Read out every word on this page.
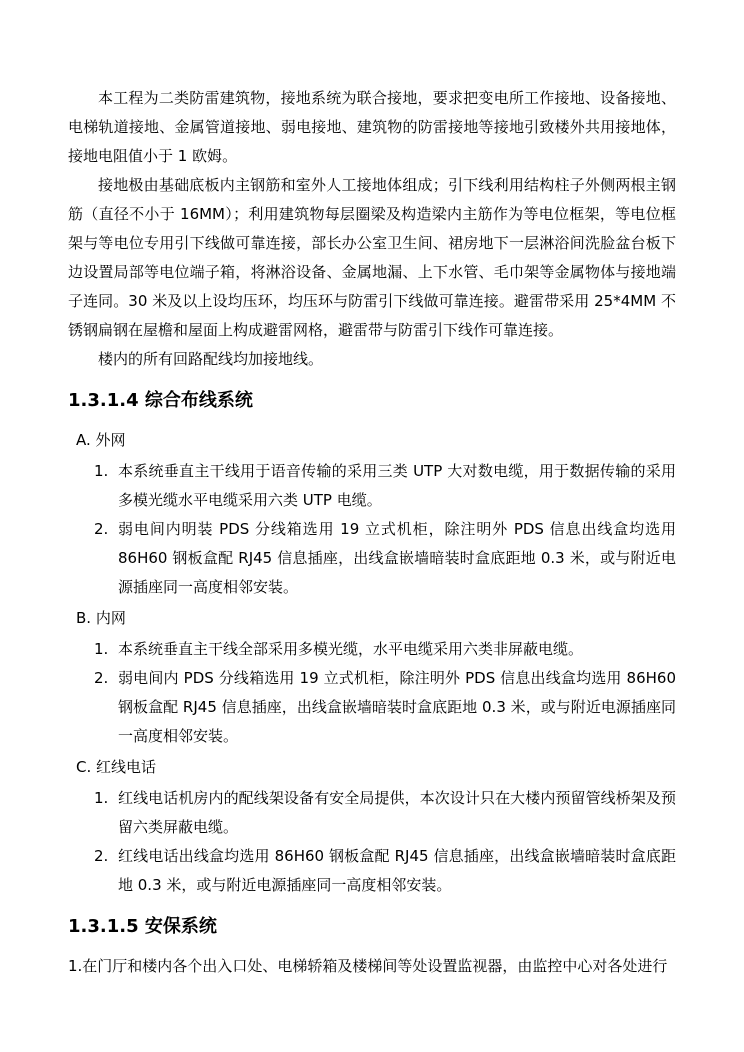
本工程为二类防雷建筑物，接地系统为联合接地，要求把变电所工作接地、设备接地、电梯轨道接地、金属管道接地、弱电接地、建筑物的防雷接地等接地引致楼外共用接地体，接地电阻值小于 1 欧姆。

接地极由基础底板内主钢筋和室外人工接地体组成；引下线利用结构柱子外侧两根主钢筋（直径不小于 16MM）；利用建筑物每层圈梁及构造梁内主筋作为等电位框架，等电位框架与等电位专用引下线做可靠连接，部长办公室卫生间、裙房地下一层淋浴间洗脸盆台板下边设置局部等电位端子箱，将淋浴设备、金属地漏、上下水管、毛巾架等金属物体与接地端子连同。30 米及以上设均压环，均压环与防雷引下线做可靠连接。避雷带采用 25*4MM 不锈钢扁钢在屋檐和屋面上构成避雷网格，避雷带与防雷引下线作可靠连接。

楼内的所有回路配线均加接地线。

1.3.1.4 综合布线系统
A. 外网
1. 本系统垂直主干线用于语音传输的采用三类 UTP 大对数电缆，用于数据传输的采用多模光缆水平电缆采用六类 UTP 电缆。
2. 弱电间内明装 PDS 分线箱选用 19 立式机柜，除注明外 PDS 信息出线盒均选用 86H60 钢板盒配 RJ45 信息插座，出线盒嵌墙暗装时盒底距地 0.3 米，或与附近电源插座同一高度相邻安装。
B. 内网
1. 本系统垂直主干线全部采用多模光缆，水平电缆采用六类非屏蔽电缆。
2. 弱电间内 PDS 分线箱选用 19 立式机柜，除注明外 PDS 信息出线盒均选用 86H60 钢板盒配 RJ45 信息插座，出线盒嵌墙暗装时盒底距地 0.3 米，或与附近电源插座同一高度相邻安装。
C. 红线电话
1. 红线电话机房内的配线架设备有安全局提供，本次设计只在大楼内预留管线桥架及预留六类屏蔽电缆。
2. 红线电话出线盒均选用 86H60 钢板盒配 RJ45 信息插座，出线盒嵌墙暗装时盒底距地 0.3 米，或与附近电源插座同一高度相邻安装。
1.3.1.5 安保系统

1.在门厅和楼内各个出入口处、电梯轿箱及楼梯间等处设置监视器，由监控中心对各处进行
